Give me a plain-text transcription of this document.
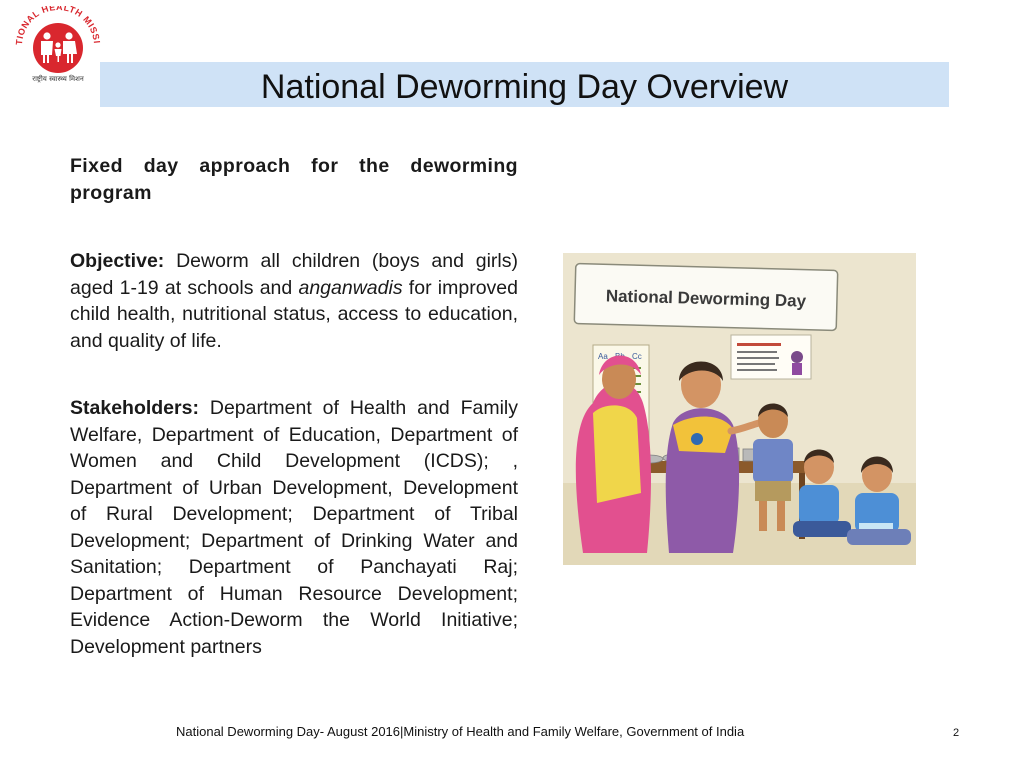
TIONAL HEALTH MISSI
राष्ट्रीय स्वास्थ्य मिशन	National Deworming Day Overview

Fixed day approach for the deworming program

Objective: Deworm all children (boys and girls) aged 1-19 at schools and anganwadis for improved child health, nutritional status, access to education, and quality of life.

Stakeholders: Department of Health and Family Welfare, Department of Education, Department of Women and Child Development (ICDS); , Department of Urban Development, Development of Rural Development; Department of Tribal Development; Department of Drinking Water and Sanitation; Department of Panchayati Raj; Department of Human Resource Development; Evidence Action-Deworm the World Initiative; Development partners

National Deworming Day
Aa	Cc
National Deworming Day- August 2016|Ministry of Health and Family Welfare, Government of India	2
